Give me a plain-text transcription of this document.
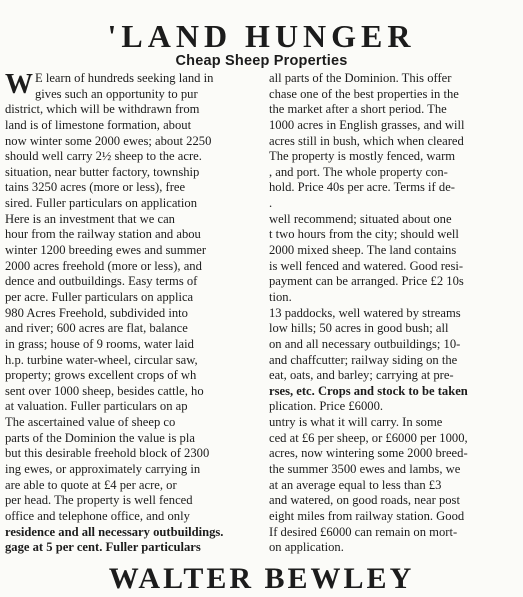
'LAND HUNGER
Cheap Sheep Properties
W E learn of hundreds seeking land in
gives such an opportunity to pur
district, which will be withdrawn from
land is of limestone formation, about
now winter some 2000 ewes; about 2250
should well carry 2½ sheep to the acre.
situation, near butter factory, township
tains 3250 acres (more or less), free
sired. Fuller particulars on application
Here is an investment that we can
hour from the railway station and abou
winter 1200 breeding ewes and summer
2000 acres freehold (more or less), and
dence and outbuildings. Easy terms of
per acre. Fuller particulars on applica
980 Acres Freehold, subdivided into
and river; 600 acres are flat, balance
in grass; house of 9 rooms, water laid
h.p. turbine water-wheel, circular saw,
property; grows excellent crops of wh
sent over 1000 sheep, besides cattle, ho
at valuation. Fuller particulars on ap
The ascertained value of sheep co
parts of the Dominion the value is pla
but this desirable freehold block of 2300
ing ewes, or approximately carrying in
are able to quote at £4 per acre, or
per head. The property is well fenced
office and telephone office, and only
residence and all necessary outbuildings.
gage at 5 per cent. Fuller particulars
all parts of the Dominion. This offer
chase one of the best properties in the
the market after a short period. The
1000 acres in English grasses, and will
acres still in bush, which when cleared
The property is mostly fenced, warm
, and port. The whole property con-
hold. Price 40s per acre. Terms if de-
.
well recommend; situated about one
t two hours from the city; should well
2000 mixed sheep. The land contains
is well fenced and watered. Good resi-
payment can be arranged. Price £2 10s
tion.
13 paddocks, well watered by streams
low hills; 50 acres in good bush; all
on and all necessary outbuildings; 10-
and chaffcutter; railway siding on the
eat, oats, and barley; carrying at pre-
rses, etc. Crops and stock to be taken
plication. Price £6000.
untry is what it will carry. In some
ced at £6 per sheep, or £6000 per 1000,
acres, now wintering some 2000 breed-
the summer 3500 ewes and lambs, we
at an average equal to less than £3
and watered, on good roads, near post
eight miles from railway station. Good
If desired £6000 can remain on mort-
on application.
WALTER BEWLEY
